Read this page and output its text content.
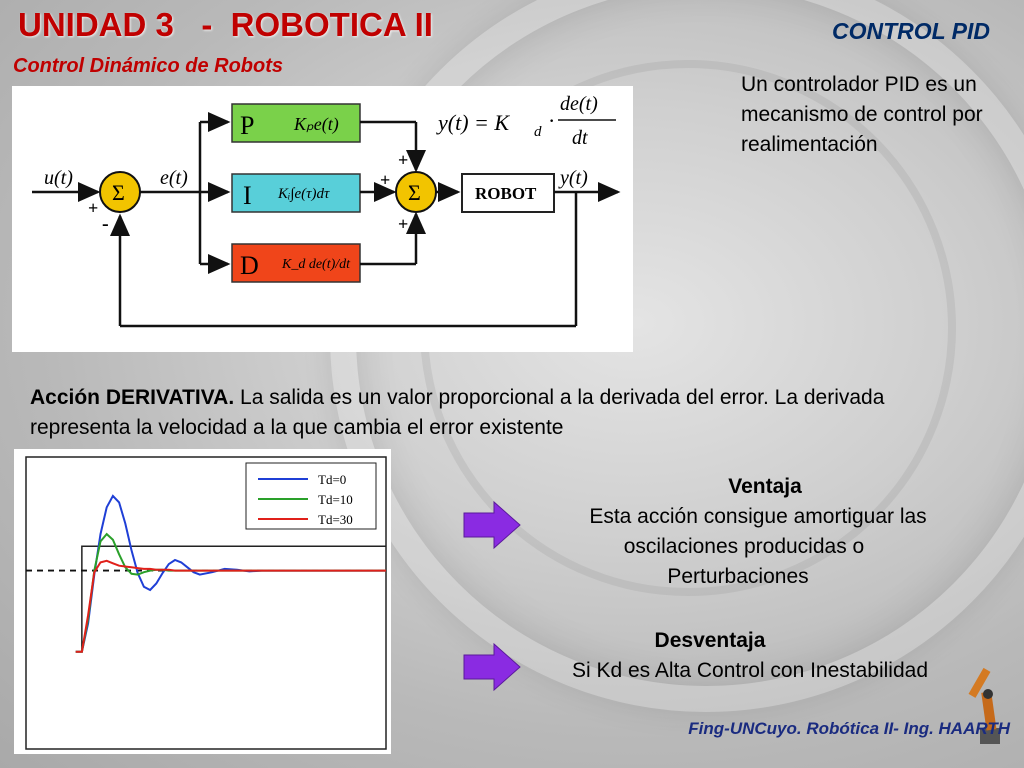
UNIDAD 3   -  ROBOTICA II
Control Dinámico de Robots
CONTROL PID
Un controlador PID es un mecanismo de control por realimentación
u(t)
Σ
+
-
e(t)
P Kₚe(t)
I Kᵢ∫e(τ)dτ
D K_d de(t)/dt
Σ
+
+
+
ROBOT
y(t)
y(t) = K d ·
de(t)
dt
Acción DERIVATIVA. La salida es un valor proporcional a la derivada del error. La derivada representa la velocidad a la que cambia el error existente
Td=0
Td=10
Td=30
Ventaja
Esta acción consigue amortiguar las
oscilaciones producidas o
Perturbaciones
Desventaja
Si Kd es Alta Control con Inestabilidad
Fing-UNCuyo. Robótica II- Ing. HAARTH
